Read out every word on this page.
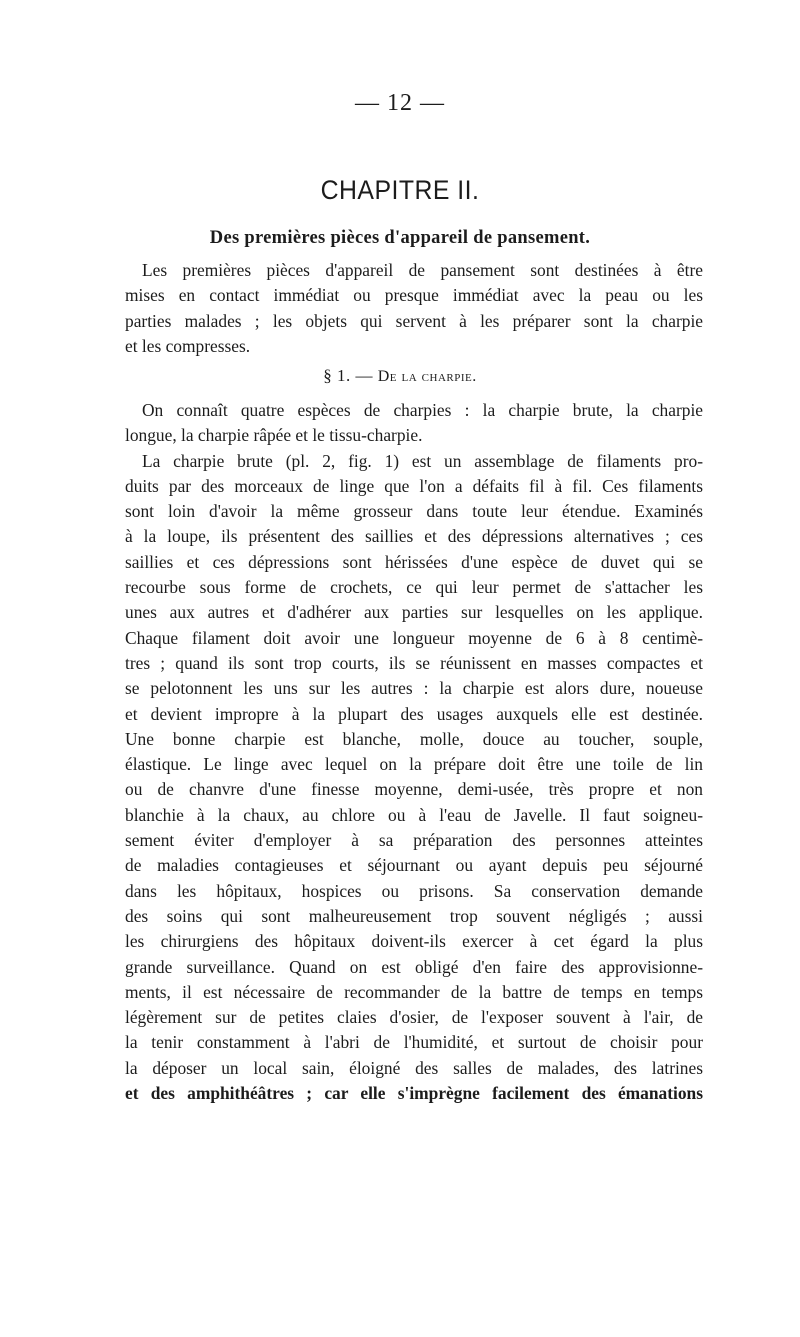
— 12 —
CHAPITRE II.
Des premières pièces d'appareil de pansement.
Les premières pièces d'appareil de pansement sont destinées à être
mises en contact immédiat ou presque immédiat avec la peau ou les
parties malades ; les objets qui servent à les préparer sont la charpie
et les compresses.
§ 1. — De la charpie.
On connaît quatre espèces de charpies : la charpie brute, la charpie
longue, la charpie râpée et le tissu-charpie.
La charpie brute (pl. 2, fig. 1) est un assemblage de filaments pro-
duits par des morceaux de linge que l'on a défaits fil à fil. Ces filaments
sont loin d'avoir la même grosseur dans toute leur étendue. Examinés
à la loupe, ils présentent des saillies et des dépressions alternatives ; ces
saillies et ces dépressions sont hérissées d'une espèce de duvet qui se
recourbe sous forme de crochets, ce qui leur permet de s'attacher les
unes aux autres et d'adhérer aux parties sur lesquelles on les applique.
Chaque filament doit avoir une longueur moyenne de 6 à 8 centimè-
tres ; quand ils sont trop courts, ils se réunissent en masses compactes et
se pelotonnent les uns sur les autres : la charpie est alors dure, noueuse
et devient impropre à la plupart des usages auxquels elle est destinée.
Une bonne charpie est blanche, molle, douce au toucher, souple,
élastique. Le linge avec lequel on la prépare doit être une toile de lin
ou de chanvre d'une finesse moyenne, demi-usée, très propre et non
blanchie à la chaux, au chlore ou à l'eau de Javelle. Il faut soigneu-
sement éviter d'employer à sa préparation des personnes atteintes
de maladies contagieuses et séjournant ou ayant depuis peu séjourné
dans les hôpitaux, hospices ou prisons. Sa conservation demande
des soins qui sont malheureusement trop souvent négligés ; aussi
les chirurgiens des hôpitaux doivent-ils exercer à cet égard la plus
grande surveillance. Quand on est obligé d'en faire des approvisionne-
ments, il est nécessaire de recommander de la battre de temps en temps
légèrement sur de petites claies d'osier, de l'exposer souvent à l'air, de
la tenir constamment à l'abri de l'humidité, et surtout de choisir pour
la déposer un local sain, éloigné des salles de malades, des latrines
et des amphithéâtres ; car elle s'imprègne facilement des émanations
